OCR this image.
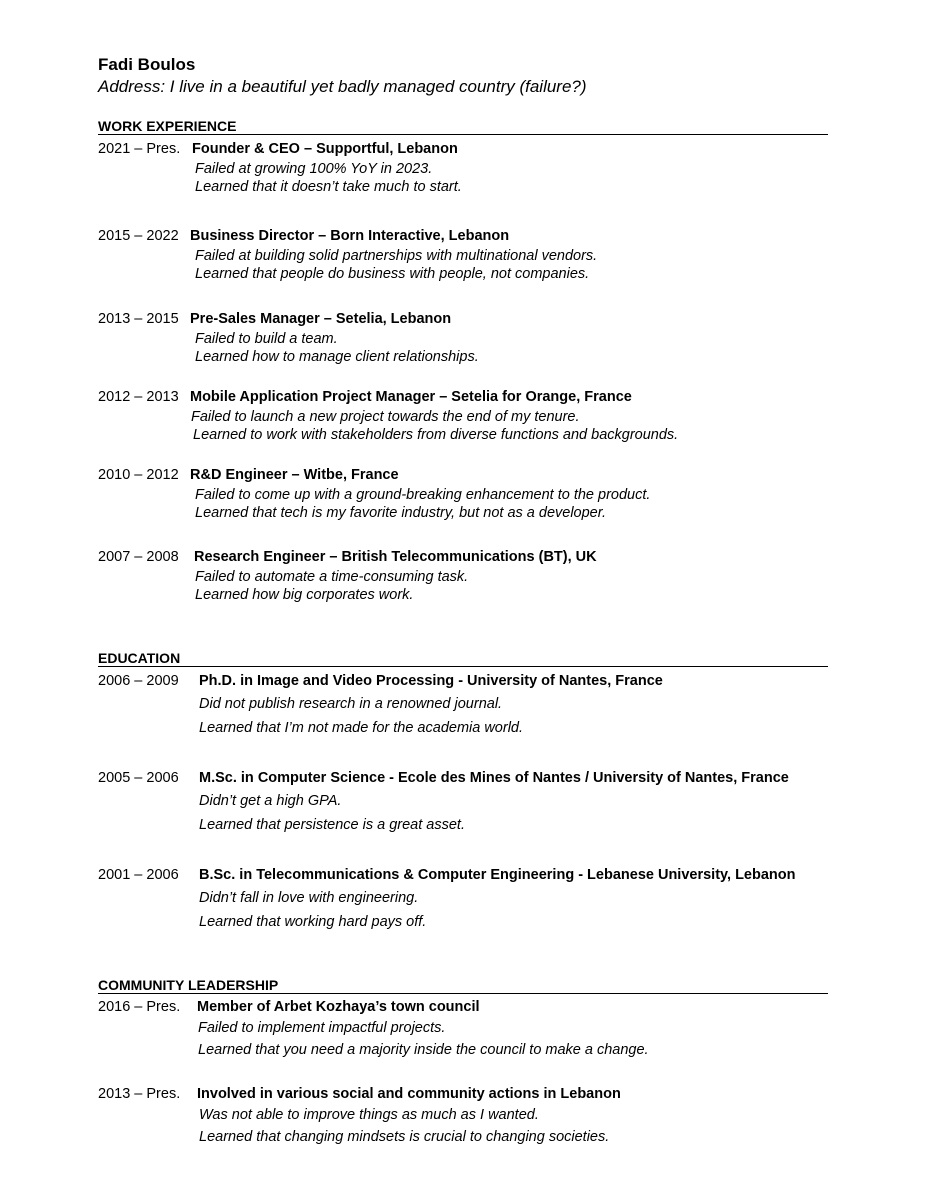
Fadi Boulos
Address: I live in a beautiful yet badly managed country (failure?)
WORK EXPERIENCE
2021 – Pres. Founder & CEO – Supportful, Lebanon
Failed at growing 100% YoY in 2023.
Learned that it doesn’t take much to start.
2015 – 2022 Business Director – Born Interactive, Lebanon
Failed at building solid partnerships with multinational vendors.
Learned that people do business with people, not companies.
2013 – 2015 Pre-Sales Manager – Setelia, Lebanon
Failed to build a team.
Learned how to manage client relationships.
2012 – 2013 Mobile Application Project Manager – Setelia for Orange, France
Failed to launch a new project towards the end of my tenure.
Learned to work with stakeholders from diverse functions and backgrounds.
2010 – 2012 R&D Engineer – Witbe, France
Failed to come up with a ground-breaking enhancement to the product.
Learned that tech is my favorite industry, but not as a developer.
2007 – 2008 Research Engineer – British Telecommunications (BT), UK
Failed to automate a time-consuming task.
Learned how big corporates work.
EDUCATION
2006 – 2009 Ph.D. in Image and Video Processing - University of Nantes, France
Did not publish research in a renowned journal.
Learned that I’m not made for the academia world.
2005 – 2006 M.Sc. in Computer Science - Ecole des Mines of Nantes / University of Nantes, France
Didn’t get a high GPA.
Learned that persistence is a great asset.
2001 – 2006 B.Sc. in Telecommunications & Computer Engineering - Lebanese University, Lebanon
Didn’t fall in love with engineering.
Learned that working hard pays off.
COMMUNITY LEADERSHIP
2016 – Pres. Member of Arbet Kozhaya’s town council
Failed to implement impactful projects.
Learned that you need a majority inside the council to make a change.
2013 – Pres. Involved in various social and community actions in Lebanon
Was not able to improve things as much as I wanted.
Learned that changing mindsets is crucial to changing societies.
